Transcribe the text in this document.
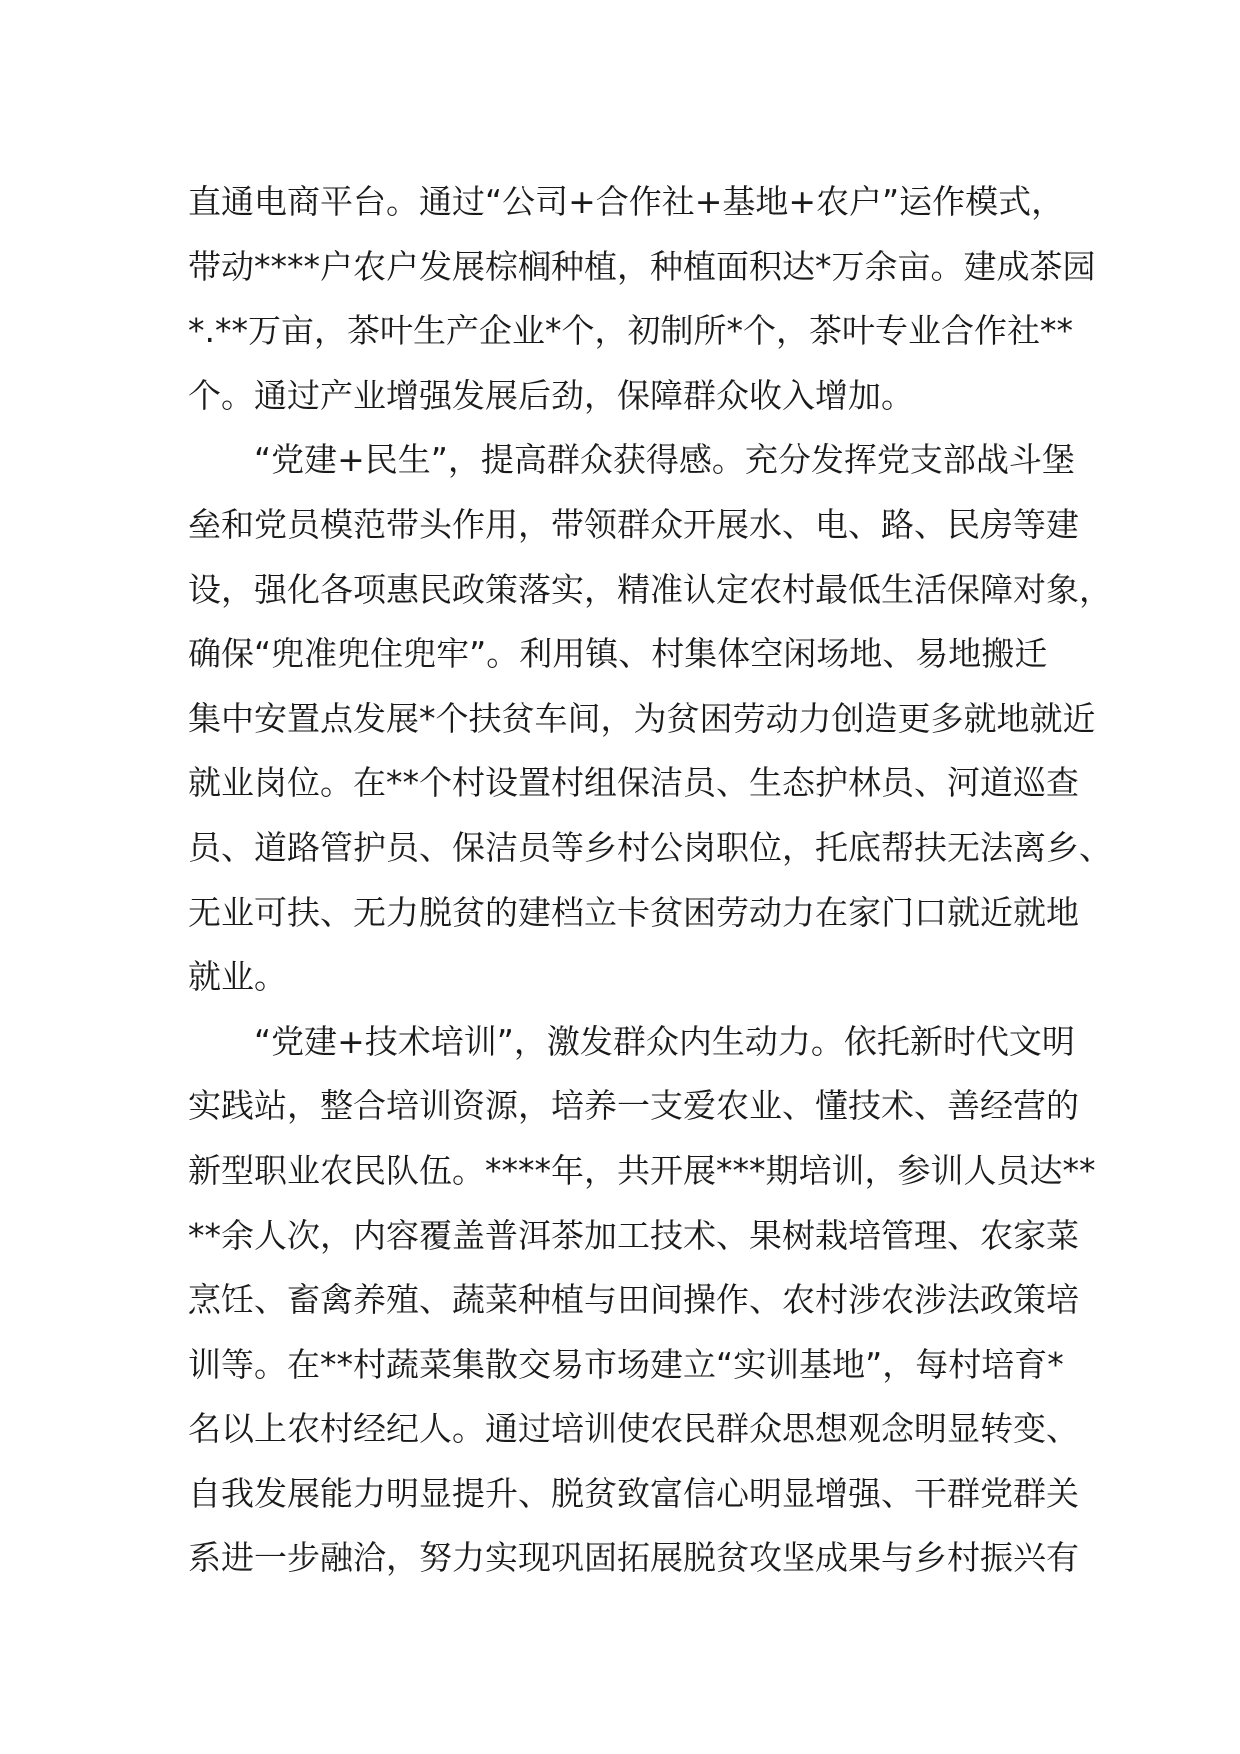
直通电商平台。通过“公司+合作社+基地+农户”运作模式，
带动****户农户发展棕榈种植，种植面积达*万余亩。建成茶园
*.**万亩，茶叶生产企业*个，初制所*个，茶叶专业合作社**
个。通过产业增强发展后劲，保障群众收入增加。
“党建+民生”，提高群众获得感。充分发挥党支部战斗堡
垒和党员模范带头作用，带领群众开展水、电、路、民房等建
设，强化各项惠民政策落实，精准认定农村最低生活保障对象，
确保“兜准兜住兜牢”。利用镇、村集体空闲场地、易地搬迁
集中安置点发展*个扶贫车间，为贫困劳动力创造更多就地就近
就业岗位。在**个村设置村组保洁员、生态护林员、河道巡查
员、道路管护员、保洁员等乡村公岗职位，托底帮扶无法离乡、
无业可扶、无力脱贫的建档立卡贫困劳动力在家门口就近就地
就业。
“党建+技术培训”，激发群众内生动力。依托新时代文明
实践站，整合培训资源，培养一支爱农业、懂技术、善经营的
新型职业农民队伍。****年，共开展***期培训，参训人员达**
**余人次，内容覆盖普洱茶加工技术、果树栽培管理、农家菜
烹饪、畜禽养殖、蔬菜种植与田间操作、农村涉农涉法政策培
训等。在**村蔬菜集散交易市场建立“实训基地”，每村培育*
名以上农村经纪人。通过培训使农民群众思想观念明显转变、
自我发展能力明显提升、脱贫致富信心明显增强、干群党群关
系进一步融洽，努力实现巩固拓展脱贫攻坚成果与乡村振兴有
